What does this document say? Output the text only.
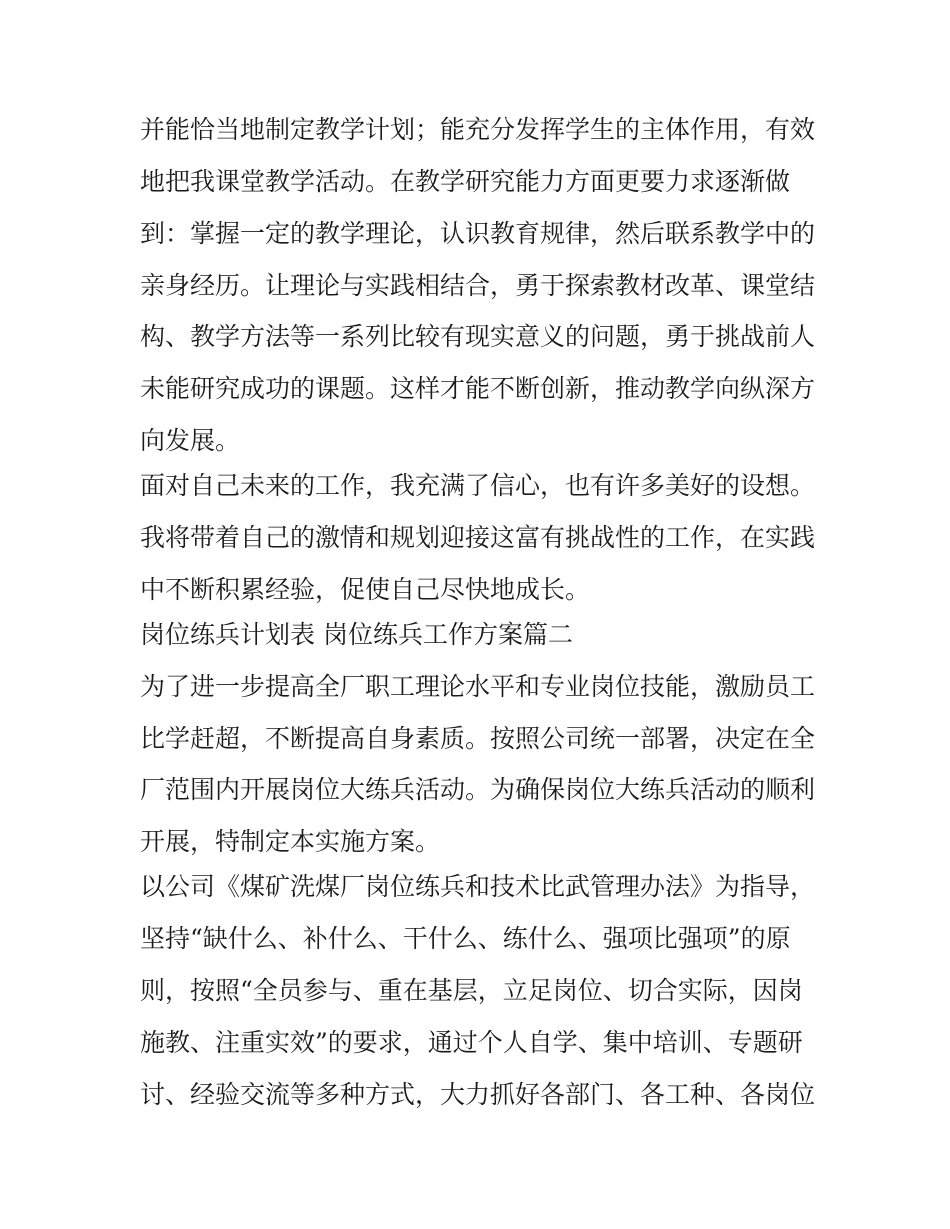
并能恰当地制定教学计划；能充分发挥学生的主体作用，有效
地把我课堂教学活动。在教学研究能力方面更要力求逐渐做
到：掌握一定的教学理论，认识教育规律，然后联系教学中的
亲身经历。让理论与实践相结合，勇于探索教材改革、课堂结
构、教学方法等一系列比较有现实意义的问题，勇于挑战前人
未能研究成功的课题。这样才能不断创新，推动教学向纵深方
向发展。
面对自己未来的工作，我充满了信心，也有许多美好的设想。
我将带着自己的激情和规划迎接这富有挑战性的工作，在实践
中不断积累经验，促使自己尽快地成长。
岗位练兵计划表 岗位练兵工作方案篇二
为了进一步提高全厂职工理论水平和专业岗位技能，激励员工
比学赶超，不断提高自身素质。按照公司统一部署，决定在全
厂范围内开展岗位大练兵活动。为确保岗位大练兵活动的顺利
开展，特制定本实施方案。
以公司《煤矿洗煤厂岗位练兵和技术比武管理办法》为指导，
坚持“缺什么、补什么、干什么、练什么、强项比强项”的原
则，按照“全员参与、重在基层，立足岗位、切合实际，因岗
施教、注重实效”的要求，通过个人自学、集中培训、专题研
讨、经验交流等多种方式，大力抓好各部门、各工种、各岗位
